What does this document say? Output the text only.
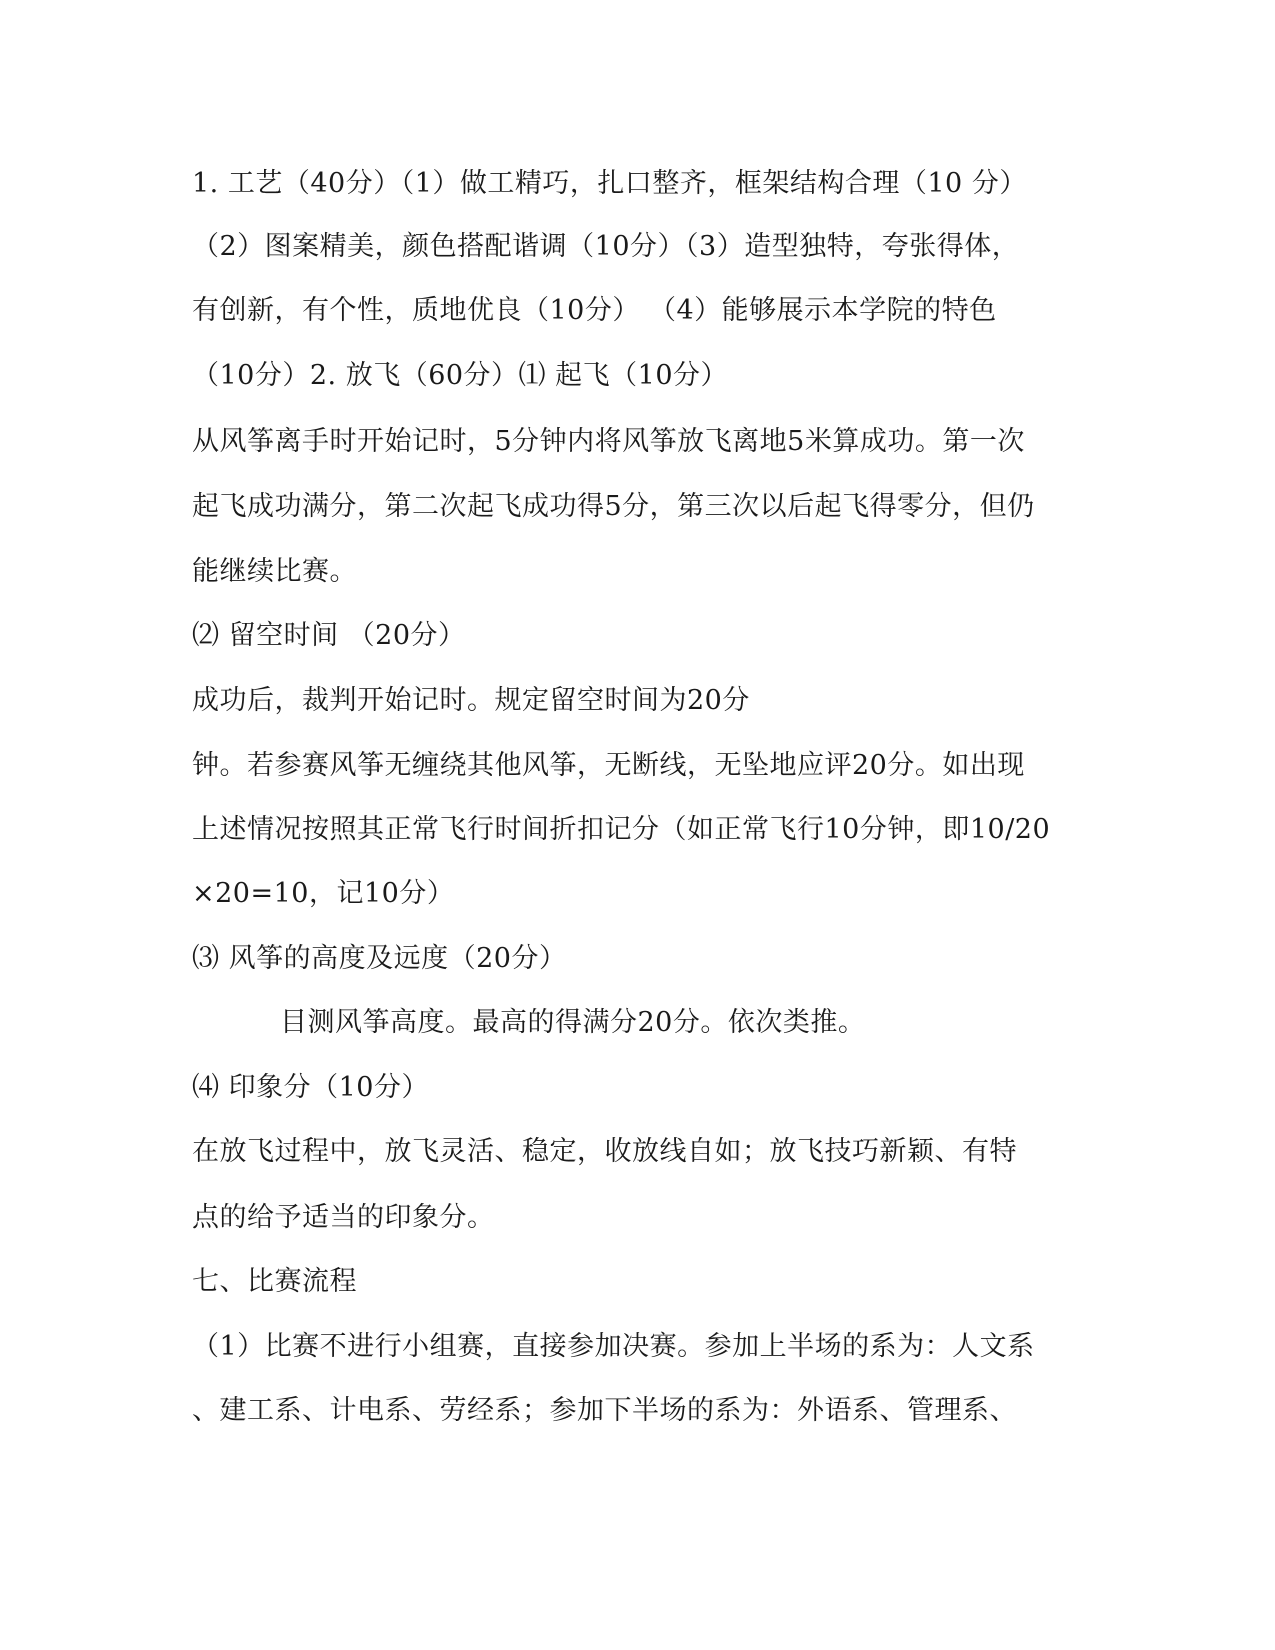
1. 工艺（40分）（1）做工精巧，扎口整齐，框架结构合理（10 分）
（2）图案精美，颜色搭配谐调（10分）（3）造型独特，夸张得体，
有创新，有个性，质地优良（10分） （4）能够展示本学院的特色
（10分）2. 放飞（60分）⑴ 起飞（10分）
从风筝离手时开始记时，5分钟内将风筝放飞离地5米算成功。第一次
起飞成功满分，第二次起飞成功得5分，第三次以后起飞得零分，但仍
能继续比赛。
⑵ 留空时间 （20分）
成功后，裁判开始记时。规定留空时间为20分
钟。若参赛风筝无缠绕其他风筝，无断线，无坠地应评20分。如出现
上述情况按照其正常飞行时间折扣记分（如正常飞行10分钟，即10/20
×20=10，记10分）
⑶ 风筝的高度及远度（20分）
目测风筝高度。最高的得满分20分。依次类推。
⑷ 印象分（10分）
在放飞过程中，放飞灵活、稳定，收放线自如；放飞技巧新颖、有特
点的给予适当的印象分。
七、比赛流程
（1）比赛不进行小组赛，直接参加决赛。参加上半场的系为：人文系
、建工系、计电系、劳经系；参加下半场的系为：外语系、管理系、
